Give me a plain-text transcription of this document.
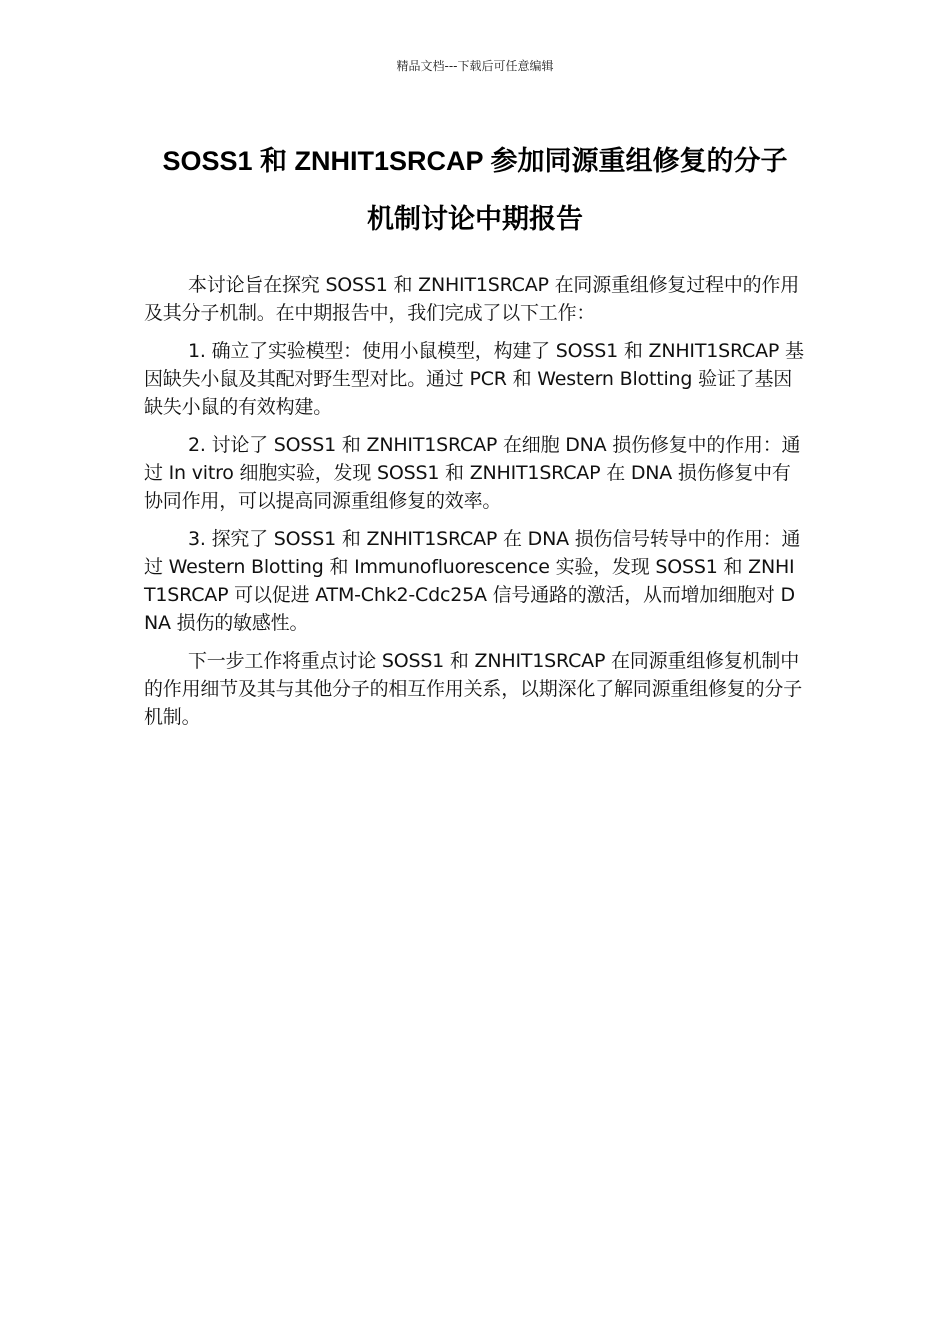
精品文档---下载后可任意编辑
SOSS1 和 ZNHIT1SRCAP 参加同源重组修复的分子
机制讨论中期报告

本讨论旨在探究 SOSS1 和 ZNHIT1SRCAP 在同源重组修复过程中的作用及其分子机制。在中期报告中，我们完成了以下工作：

1. 确立了实验模型：使用小鼠模型，构建了 SOSS1 和 ZNHIT1SRCAP 基因缺失小鼠及其配对野生型对比。通过 PCR 和 Western Blotting 验证了基因缺失小鼠的有效构建。

2. 讨论了 SOSS1 和 ZNHIT1SRCAP 在细胞 DNA 损伤修复中的作用：通过 In vitro 细胞实验，发现 SOSS1 和 ZNHIT1SRCAP 在 DNA 损伤修复中有协同作用，可以提高同源重组修复的效率。

3. 探究了 SOSS1 和 ZNHIT1SRCAP 在 DNA 损伤信号转导中的作用：通过 Western Blotting 和 Immunofluorescence 实验，发现 SOSS1 和 ZNHIT1SRCAP 可以促进 ATM-Chk2-Cdc25A 信号通路的激活，从而增加细胞对 DNA 损伤的敏感性。

下一步工作将重点讨论 SOSS1 和 ZNHIT1SRCAP 在同源重组修复机制中的作用细节及其与其他分子的相互作用关系，以期深化了解同源重组修复的分子机制。
